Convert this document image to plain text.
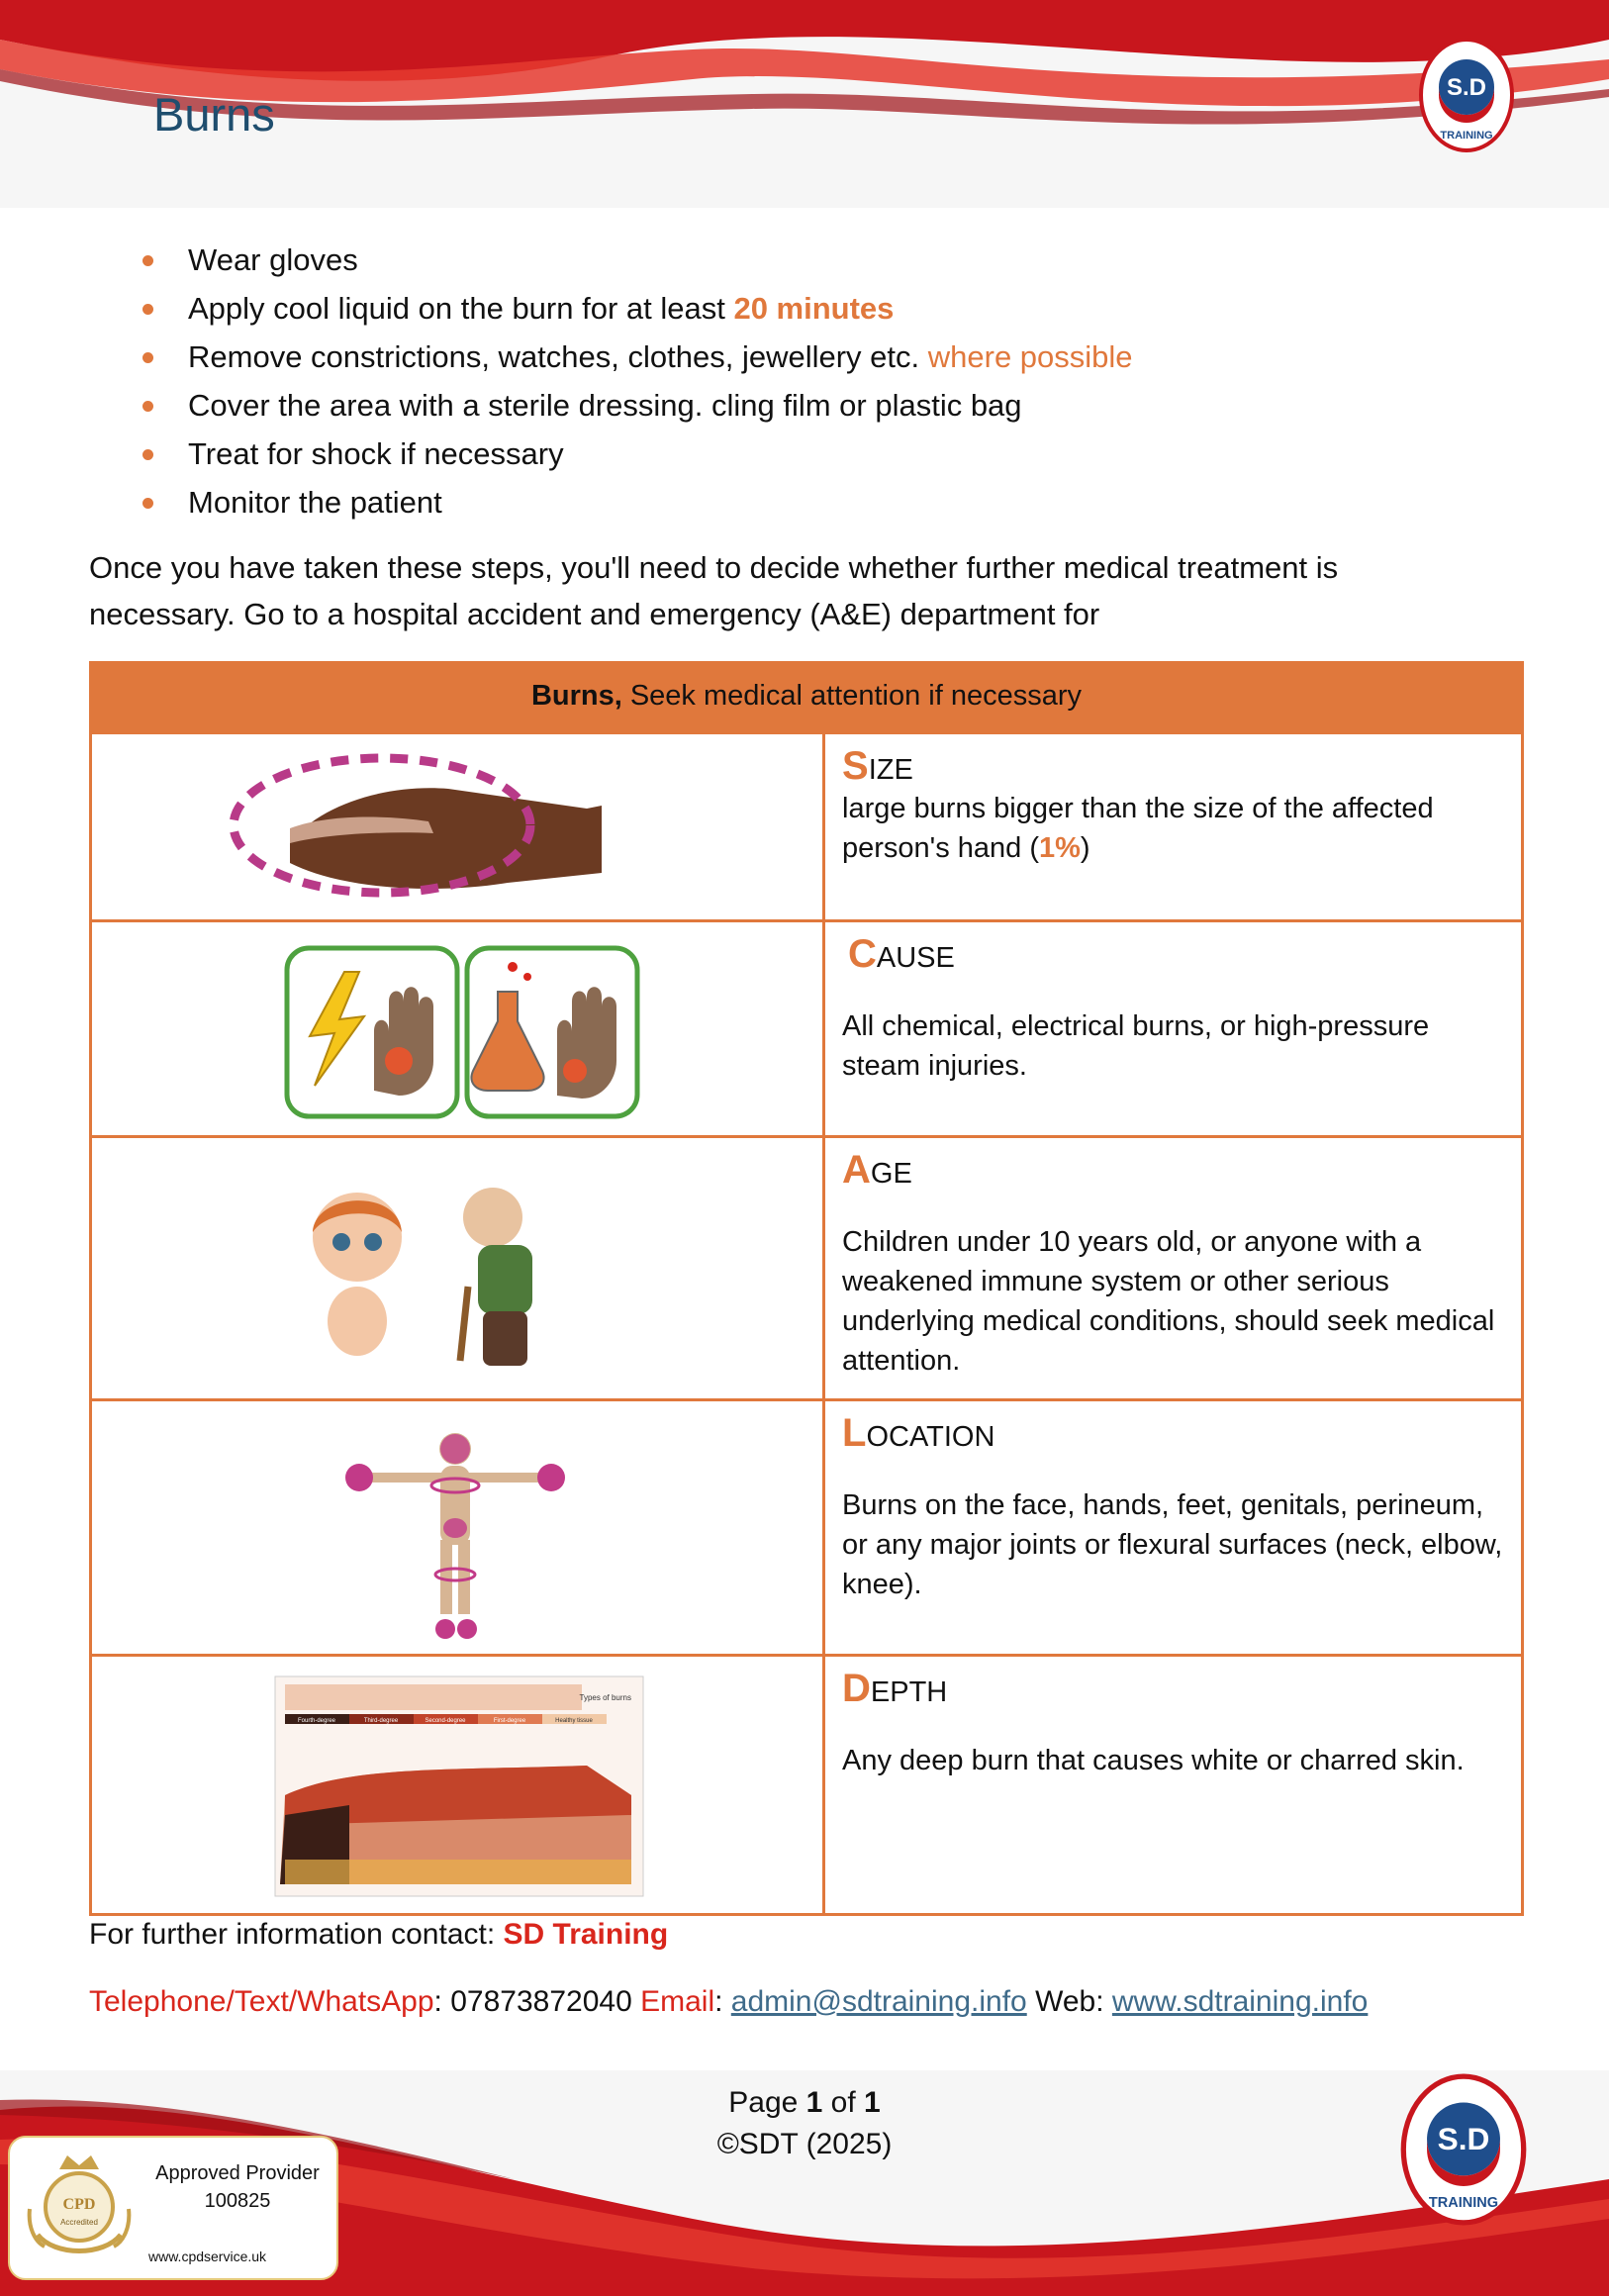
Burns
S.D
TRAINING
Wear gloves
Apply cool liquid on the burn for at least 20 minutes
Remove constrictions, watches, clothes, jewellery etc. where possible
Cover the area with a sterile dressing. cling film or plastic bag
Treat for shock if necessary
Monitor the patient
Once you have taken these steps, you'll need to decide whether further medical treatment is
necessary. Go to a hospital accident and emergency (A&E) department for
Burns, Seek medical attention if necessary
SIZE
large burns bigger than the size of the affected person's hand (1%)
CAUSE
All chemical, electrical burns, or high-pressure steam injuries.
AGE
Children under 10 years old, or anyone with a weakened immune system or other serious underlying medical conditions, should seek medical attention.
LOCATION
Burns on the face, hands, feet, genitals, perineum, or any major joints or flexural surfaces (neck, elbow, knee).
Types of burns
Fourth-degree	Third-degree	Second-degree	First-degree	Healthy tissue
DEPTH
Any deep burn that causes white or charred skin.
For further information contact: SD Training
Telephone/Text/WhatsApp: 07873872040 Email: admin@sdtraining.info Web: www.sdtraining.info
Page 1 of 1
©SDT (2025)
CPD
Accredited
Approved Provider
100825
www.cpdservice.uk
S.D
TRAINING
